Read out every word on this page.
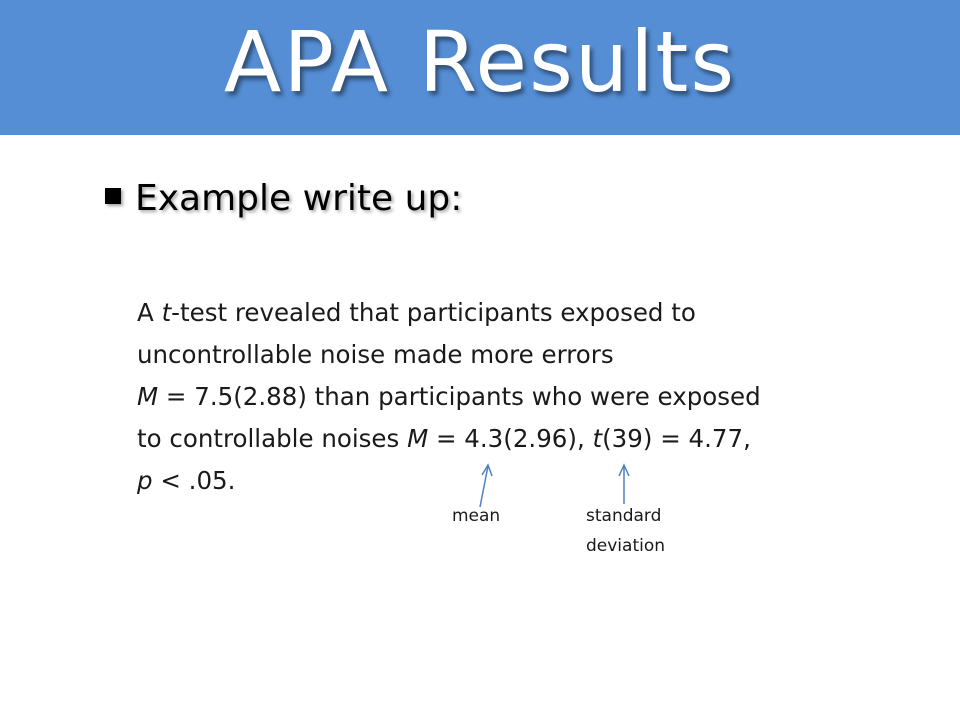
APA Results
Example write up:
A t-test revealed that participants exposed to
uncontrollable noise made more errors
M = 7.5(2.88) than participants who were exposed
to controllable noises M = 4.3(2.96), t(39) = 4.77,
p < .05.
mean	standard
deviation
